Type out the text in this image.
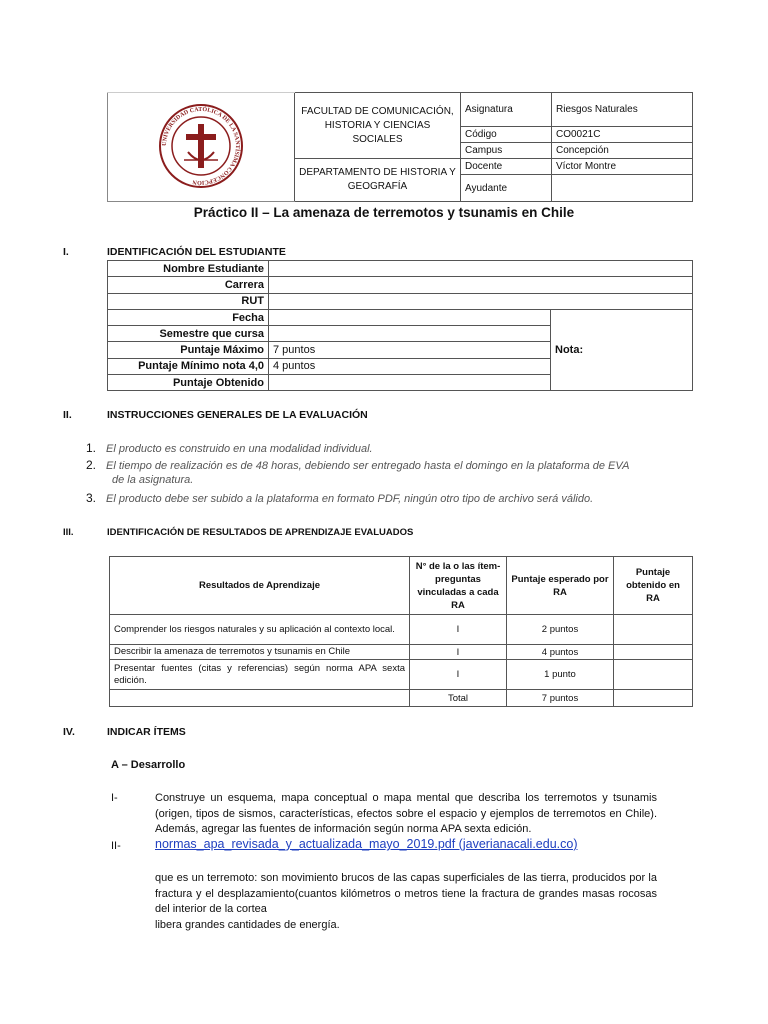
UNIVERSIDAD CATÓLICA DE LA SANTÍSIMA CONCEPCIÓN	FACULTAD DE COMUNICACIÓN, HISTORIA Y CIENCIAS SOCIALES	Asignatura	Riesgos Naturales
		Código	CO0021C
		Campus	Concepción
	DEPARTAMENTO DE HISTORIA Y GEOGRAFÍA	Docente	Víctor Montre
		Ayudante	
Práctico II – La amenaza de terremotos y tsunamis en Chile
I.	IDENTIFICACIÓN DEL ESTUDIANTE
Nombre Estudiante		
Carrera		
RUT		
Fecha		Nota:
Semestre que cursa		
Puntaje Máximo	7 puntos	
Puntaje Mínimo nota 4,0	4 puntos	
Puntaje Obtenido		
II.	INSTRUCCIONES GENERALES DE LA EVALUACIÓN
1. El producto es construido en una modalidad individual.
2. El tiempo de realización es de 48 horas, debiendo ser entregado hasta el domingo en la plataforma de EVA
de la asignatura.
3. El producto debe ser subido a la plataforma en formato PDF, ningún otro tipo de archivo será válido.
III.	IDENTIFICACIÓN DE RESULTADOS DE APRENDIZAJE EVALUADOS
Resultados de Aprendizaje	N° de la o las ítem-preguntas vinculadas a cada RA	Puntaje esperado por RA	Puntaje obtenido en RA
Comprender los riesgos naturales y su aplicación al contexto local.	I	2 puntos	
Describir la amenaza de terremotos y tsunamis en Chile	I	4 puntos	
Presentar fuentes (citas y referencias) según norma APA sexta edición.	I	1 punto	
	Total	7 puntos	
IV.	INDICAR ÍTEMS
A – Desarrollo
I-	Construye un esquema, mapa conceptual o mapa mental que describa los terremotos y tsunamis (origen, tipos de sismos, características, efectos sobre el espacio y ejemplos de terremotos en Chile). Además, agregar las fuentes de información según norma APA sexta edición.
II-	normas_apa_revisada_y_actualizada_mayo_2019.pdf (javerianacali.edu.co)
que es un terremoto: son movimiento brucos de las capas superficiales de las tierra, producidos por la fractura y el desplazamiento(cuantos kilómetros o metros tiene la fractura de grandes masas rocosas del interior de la cortea
libera grandes cantidades de energía.
